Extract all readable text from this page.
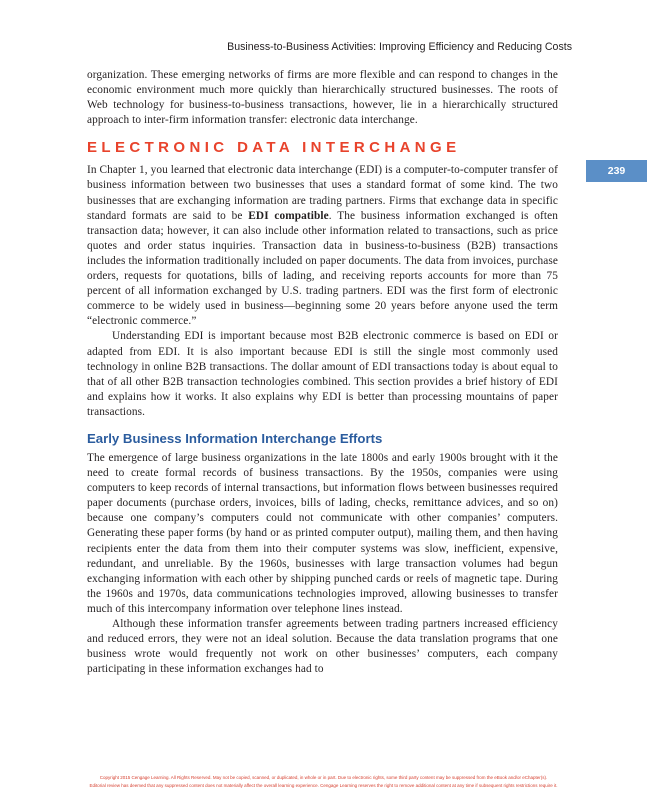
Business-to-Business Activities: Improving Efficiency and Reducing Costs
239

organization. These emerging networks of firms are more flexible and can respond to changes in the economic environment much more quickly than hierarchically structured businesses. The roots of Web technology for business-to-business transactions, however, lie in a hierarchically structured approach to inter-firm information transfer: electronic data interchange.

ELECTRONIC DATA INTERCHANGE

In Chapter 1, you learned that electronic data interchange (EDI) is a computer-to-computer transfer of business information between two businesses that uses a standard format of some kind. The two businesses that are exchanging information are trading partners. Firms that exchange data in specific standard formats are said to be EDI compatible. The business information exchanged is often transaction data; however, it can also include other information related to transactions, such as price quotes and order status inquiries. Transaction data in business-to-business (B2B) transactions includes the information traditionally included on paper documents. The data from invoices, purchase orders, requests for quotations, bills of lading, and receiving reports accounts for more than 75 percent of all information exchanged by U.S. trading partners. EDI was the first form of electronic commerce to be widely used in business—beginning some 20 years before anyone used the term “electronic commerce.”

Understanding EDI is important because most B2B electronic commerce is based on EDI or adapted from EDI. It is also important because EDI is still the single most commonly used technology in online B2B transactions. The dollar amount of EDI transactions today is about equal to that of all other B2B transaction technologies combined. This section provides a brief history of EDI and explains how it works. It also explains why EDI is better than processing mountains of paper transactions.

Early Business Information Interchange Efforts

The emergence of large business organizations in the late 1800s and early 1900s brought with it the need to create formal records of business transactions. By the 1950s, companies were using computers to keep records of internal transactions, but information flows between businesses required paper documents (purchase orders, invoices, bills of lading, checks, remittance advices, and so on) because one company’s computers could not communicate with other companies’ computers. Generating these paper forms (by hand or as printed computer output), mailing them, and then having recipients enter the data from them into their computer systems was slow, inefficient, expensive, redundant, and unreliable. By the 1960s, businesses with large transaction volumes had begun exchanging information with each other by shipping punched cards or reels of magnetic tape. During the 1960s and 1970s, data communications technologies improved, allowing businesses to transfer much of this intercompany information over telephone lines instead.

Although these information transfer agreements between trading partners increased efficiency and reduced errors, they were not an ideal solution. Because the data translation programs that one business wrote would frequently not work on other businesses’ computers, each company participating in these information exchanges had to

Copyright 2015 Cengage Learning. All Rights Reserved. May not be copied, scanned, or duplicated, in whole or in part. Due to electronic rights, some third party content may be suppressed from the eBook and/or eChapter(s).
Editorial review has deemed that any suppressed content does not materially affect the overall learning experience. Cengage Learning reserves the right to remove additional content at any time if subsequent rights restrictions require it.
